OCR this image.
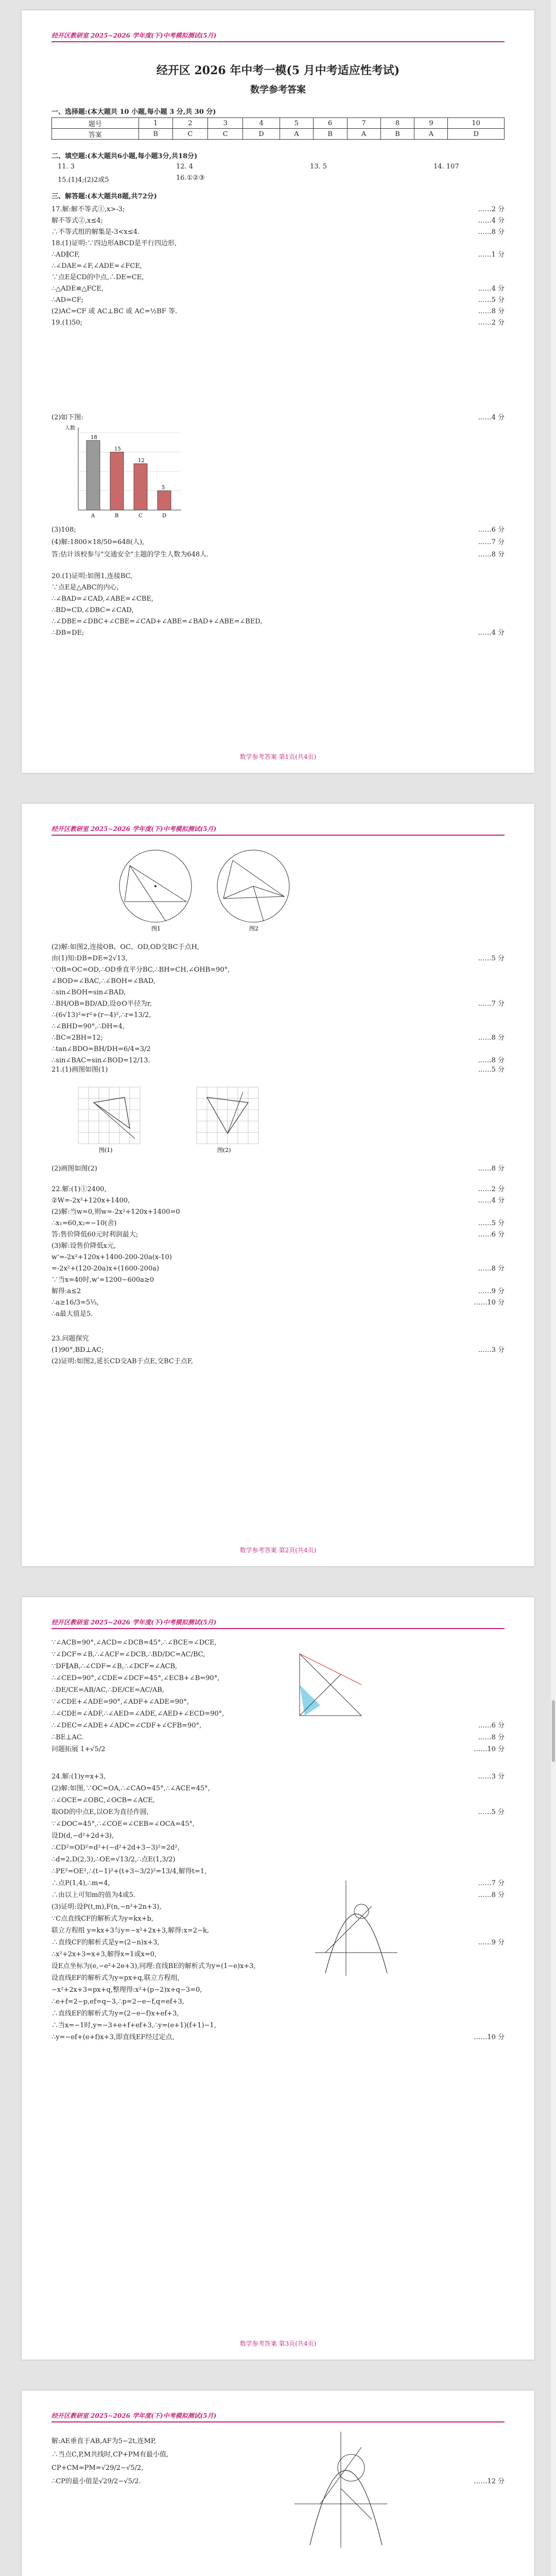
经开区教研室 2025~2026 学年度(下)中考模拟测试(5月)
经开区 2026 年中考一模(5 月中考适应性考试)
数学参考答案
一、选择题:(本大题共 10 小题,每小题 3 分,共 30 分)
题号	1	2	3	4	5	6	7	8	9	10
答案	B	C	C	D	A	B	A	B	A	D
二、填空题:(本大题共6小题,每小题3分,共18分)
11. 3	12. 4	13. 5	14. 107
15.(1)4;(2)2或5	16.①②③
三、解答题:(本大题共8题,共72分)
17.解:解不等式①,x>-3;	……2 分
解不等式②,x≤4;	……4 分
∴不等式组的解集是-3<x≤4.	……8 分
18.(1)证明:∵四边形ABCD是平行四边形,
∴AD∥CF,	……1 分
∴∠DAE=∠F,∠ADE=∠FCE,
∵点E是CD的中点,∴DE=CE,
∴△ADE≌△FCE,	……4 分
∴AD=CF;	……5 分
(2)AC=CF 或 AC⊥BC 或 AC=½BF 等.	……8 分
19.(1)50;	……2 分
(2)如下图:	……4 分
(3)108;	……6 分
(4)解:1800×18/50=648(人),	……7 分
答:估计该校参与"交通安全"主题的学生人数为648人.	……8 分
20.(1)证明:如图1,连接BC,
∵点E是△ABC的内心,
∴∠BAD=∠CAD,∠ABE=∠CBE,
∴BD=CD,∠DBC=∠CAD,
∴∠DBE=∠DBC+∠CBE=∠CAD+∠ABE=∠BAD+∠ABE=∠BED,
∴DB=DE;	……4 分
人数
18
A
15
B
12
C
5
D
数学参考答案 第1页(共4页)
经开区教研室 2025~2026 学年度(下)中考模拟测试(5月)
图1	图2
(2)解:如图2,连接OB、OC、OD,OD交BC于点H,
由(1)知:DB=DE=2√13,	……5 分
∵OB=OC=OD,∴OD垂直平分BC,∴BH=CH,∠OHB=90°,
∠BOD=∠BAC,∴∠BOH=∠BAD,
∴sin∠BOH=sin∠BAD,
∴BH/OB=BD/AD,设⊙O半径为r,	……7 分
∴(6√13)²=r²+(r−4)²,∴r=13/2,
∴∠BHD=90°,∴DH=4,
∴BC=2BH=12;	……8 分
∴tan∠BDO=BH/DH=6/4=3/2
∴sin∠BAC=sin∠BOD=12/13.	……8 分
21.(1)画图如图(1)	……5 分
(2)画图如图(2)	……8 分
22.解:(1)①2400,	……2 分
②W=-2x²+120x+1400,	……4 分
(2)解:当w=0,则w=-2x²+120x+1400=0
∴x₁=60,x₂=−10(舍)	……5 分
答:售价降低60元时利润最大;	……6 分
(3)解:设售价降低x元,
w'=-2x²+120x+1400-200-20a(x-10)
=-2x²+(120-20a)x+(1600-200a)	……8 分
∵当x=40时,w'=1200−600a≥0
解得:a≤2	……9 分
∴a≥16/3=5⅓,	……10 分
∴a最大值是5.
23.问题探究
(1)90°,BD⊥AC;	……3 分
(2)证明:如图2,延长CD交AB于点E,交BC于点F,
图(1)	图(2)
数学参考答案 第2页(共4页)
经开区教研室 2025~2026 学年度(下)中考模拟测试(5月)
∵∠ACB=90°,∠ACD=∠DCB=45°,∴∠BCE=∠DCE,
∵∠DCF=∠B,∴∠ACF=∠DCB,∴BD/DC=AC/BC,
∵DF∥AB,∴∠CDF=∠B,∴∠DCF=∠ACB,
∴∠CED=90°,∠CDE=∠DCF=45°,∠ECB+∠B=90°,
∴DE/CE=AB/AC,∴DE/CE=AC/AB,
∵∠CDE+∠ADE=90°,∠ADF+∠ADE=90°,
∴∠CDE=∠ADF,∴∠AED=∠ADE,∠AED+∠ECD=90°,
∴∠DEC=∠ADE+∠ADC=∠CDF+∠CFB=90°,	……6 分
∴BE⊥AC.	……8 分
问题拓展 1+√5/2	……10 分
24.解:(1)y=x+3,	……3 分
(2)解:如图,∵OC=OA,∴∠CAO=45°,∴∠ACE=45°,
∴∠OCE=∠OBC,∠OCB=∠ACE,
取OD的中点E,以OE为直径作圆,	……5 分
∵∠DOC=45°,∴∠COE=∠CEB=∠OCA=45°,
设D(d,−d²+2d+3),
∴CD²=OD²=d²+(−d²+2d+3−3)²=2d²,
∴d=2,D(2,3),∴OE=√13/2,∴点E(1,3/2)
∴PE²=OE²,∴(t−1)²+(t+3−3/2)²=13/4,解得t=1,
∴点P(1,4),∴m=4,	……7 分
∴由以上可知m的值为4或5.	……8 分
(3)证明:设P(t,m),F(n,−n²+2n+3),
∵C点直线CF的解析式为y=kx+b,
联立方程组 y=kx+3与y=−x²+2x+3,解得:x=2−k,
∴直线CF的解析式是y=(2−n)x+3,	……9 分
∴x²+2x+3=x+3,解得x=1或x=0,
设E点坐标为(e,−e²+2e+3),同理:直线BE的解析式为y=(1−e)x+3,
设直线EF的解析式为y=px+q,联立方程组,
−x²+2x+3=px+q,整理得:x²+(p−2)x+q−3=0,
∴e+f=2−p,ef=q−3,∴p=2−e−f,q=ef+3,
∴直线EF的解析式为y=(2−e−f)x+ef+3,
∴当x=−1时,y=−3+e+f+ef+3,∴y=(e+1)(f+1)−1,
∴y=−ef+(e+f)x+3,即直线EF经过定点,	……10 分
数学参考答案 第3页(共4页)
经开区教研室 2025~2026 学年度(下)中考模拟测试(5月)
解:AE垂直于AB,AF为5−2t,连MP,
∴当点C,P,M共线时,CP+PM有最小值,
CP+CM=PM=√29/2−√5/2,
∴CP的最小值是√29/2−√5/2.	……12 分
